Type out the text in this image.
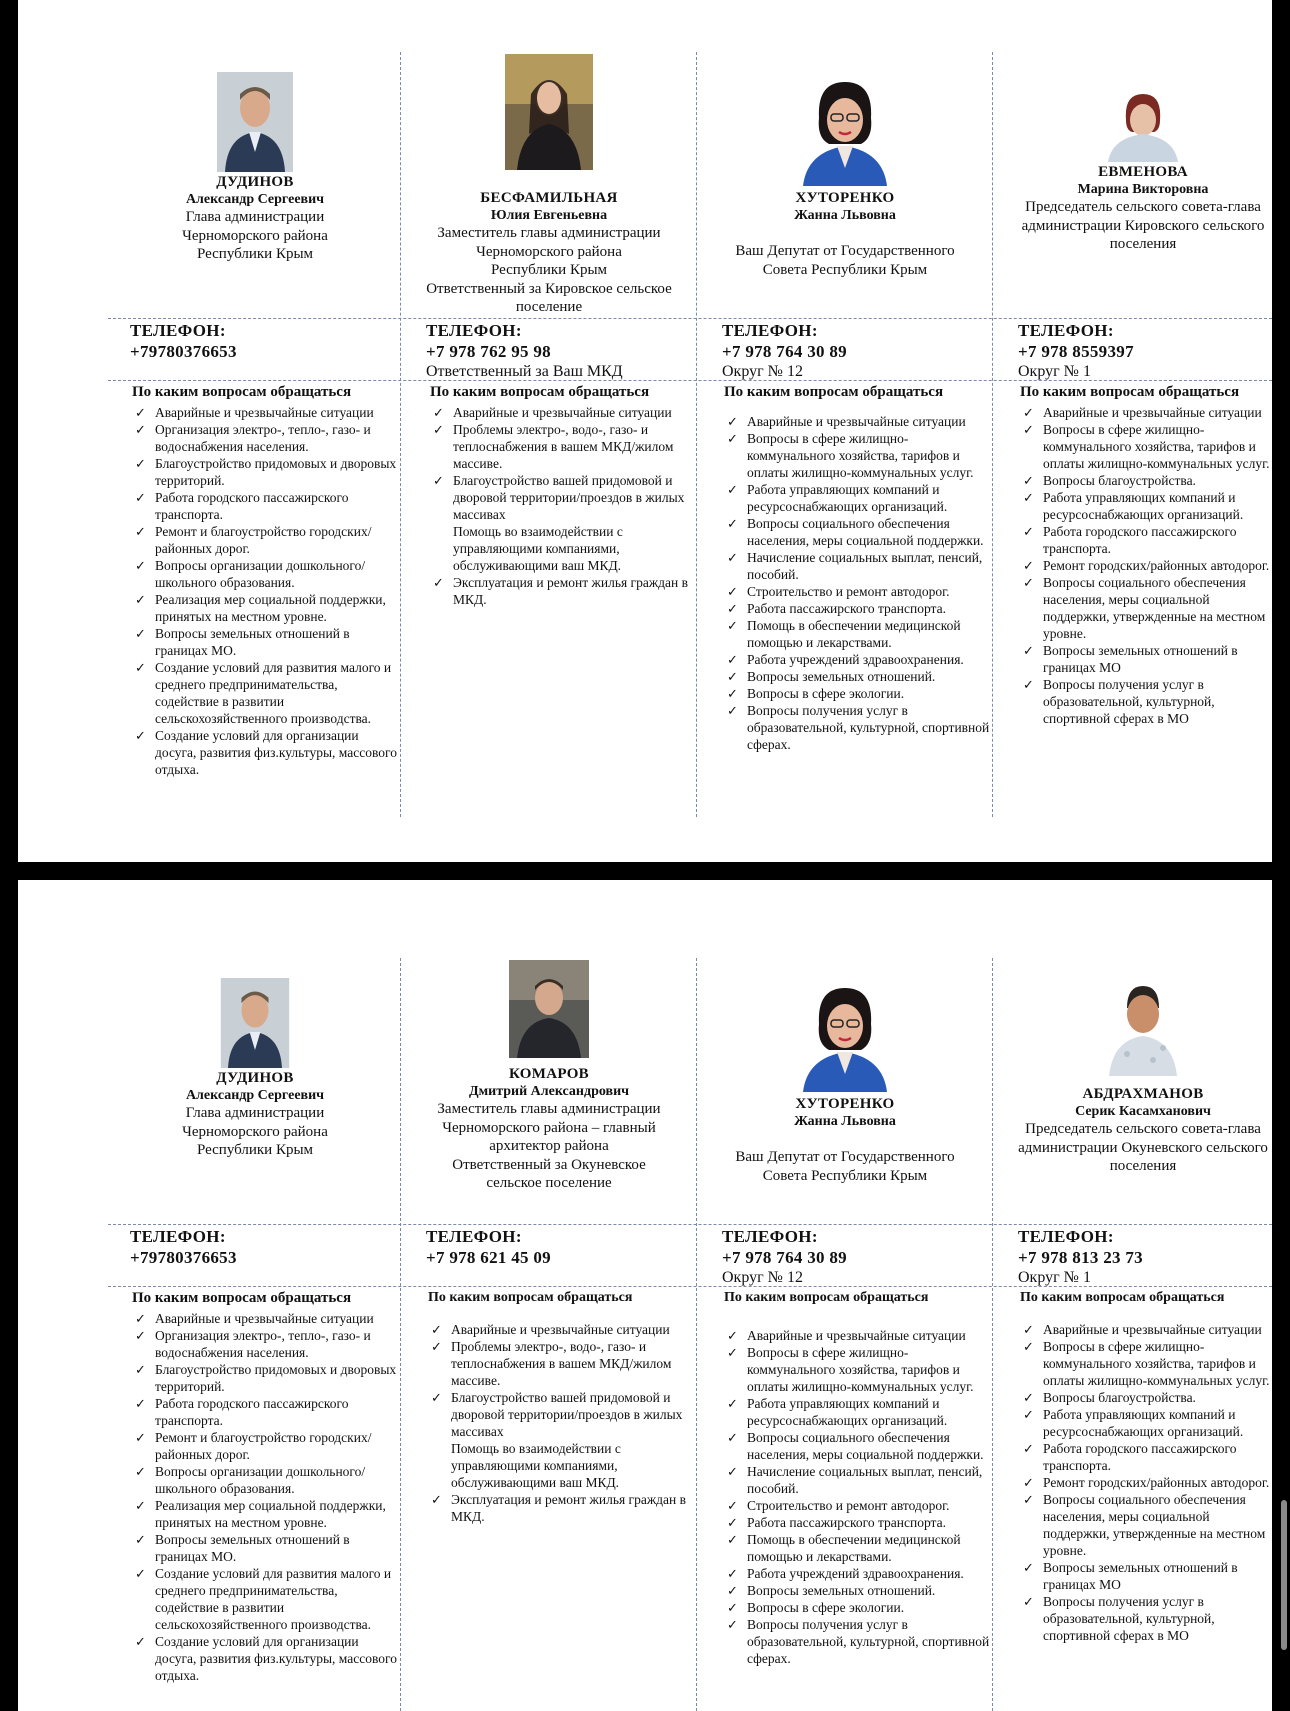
ДУДИНОВ
Александр Сергеевич
Глава администрации
Черноморского района
Республики Крым
ТЕЛЕФОН:
+79780376653
По каким вопросам обращаться
✓ Аварийные и чрезвычайные ситуации
✓ Организация электро-, тепло-, газо- и водоснабжения населения.
✓ Благоустройство придомовых и дворовых территорий.
✓ Работа городского пассажирского транспорта.
✓ Ремонт и благоустройство городских/районных дорог.
✓ Вопросы организации дошкольного/школьного образования.
✓ Реализация мер социальной поддержки, принятых на местном уровне.
✓ Вопросы земельных отношений в границах МО.
✓ Создание условий для развития малого и среднего предпринимательства, содействие в развитии сельскохозяйственного производства.
✓ Создание условий для организации досуга, развития физ.культуры, массового отдыха.
БЕСФАМИЛЬНАЯ
Юлия Евгеньевна
Заместитель главы администрации
Черноморского района
Республики Крым
Ответственный за Кировское сельское поселение
ТЕЛЕФОН:
+7 978 762 95 98
Ответственный за Ваш МКД
По каким вопросам обращаться
✓ Аварийные и чрезвычайные ситуации
✓ Проблемы электро-, водо-, газо- и теплоснабжения в вашем МКД/жилом массиве.
✓ Благоустройство вашей придомовой и дворовой территории/проездов в жилых массивах
Помощь во взаимодействии с управляющими компаниями, обслуживающими ваш МКД.
✓ Эксплуатация и ремонт жилья граждан в МКД.
ХУТОРЕНКО
Жанна Львовна
Ваш Депутат от Государственного
Совета Республики Крым
ТЕЛЕФОН:
+7 978 764 30 89
Округ № 12
По каким вопросам обращаться
✓ Аварийные и чрезвычайные ситуации
✓ Вопросы в сфере жилищно-коммунального хозяйства, тарифов и оплаты жилищно-коммунальных услуг.
✓ Работа управляющих компаний и ресурсоснабжающих организаций.
✓ Вопросы социального обеспечения населения, меры социальной поддержки.
✓ Начисление социальных выплат, пенсий, пособий.
✓ Строительство и ремонт автодорог.
✓ Работа пассажирского транспорта.
✓ Помощь в обеспечении медицинской помощью и лекарствами.
✓ Работа учреждений здравоохранения.
✓ Вопросы земельных отношений.
✓ Вопросы в сфере экологии.
✓ Вопросы получения услуг в образовательной, культурной, спортивной сферах.
ЕВМЕНОВА
Марина Викторовна
Председатель сельского совета-глава
администрации Кировского сельского
поселения
ТЕЛЕФОН:
+7 978 8559397
Округ № 1
По каким вопросам обращаться
✓ Аварийные и чрезвычайные ситуации
✓ Вопросы в сфере жилищно-коммунального хозяйства, тарифов и оплаты жилищно-коммунальных услуг.
✓ Вопросы благоустройства.
✓ Работа управляющих компаний и ресурсоснабжающих организаций.
✓ Работа городского пассажирского транспорта.
✓ Ремонт городских/районных автодорог.
✓ Вопросы социального обеспечения населения, меры социальной поддержки, утвержденные на местном уровне.
✓ Вопросы земельных отношений в границах МО
✓ Вопросы получения услуг в образовательной, культурной, спортивной сферах в МО
ДУДИНОВ
Александр Сергеевич
Глава администрации
Черноморского района
Республики Крым
ТЕЛЕФОН:
+79780376653
По каким вопросам обращаться
✓ Аварийные и чрезвычайные ситуации
✓ Организация электро-, тепло-, газо- и водоснабжения населения.
✓ Благоустройство придомовых и дворовых территорий.
✓ Работа городского пассажирского транспорта.
✓ Ремонт и благоустройство городских/районных дорог.
✓ Вопросы организации дошкольного/школьного образования.
✓ Реализация мер социальной поддержки, принятых на местном уровне.
✓ Вопросы земельных отношений в границах МО.
✓ Создание условий для развития малого и среднего предпринимательства, содействие в развитии сельскохозяйственного производства.
✓ Создание условий для организации досуга, развития физ.культуры, массового отдыха.
КОМАРОВ
Дмитрий Александрович
Заместитель главы администрации
Черноморского района – главный
архитектор района
Ответственный за Окуневское
сельское поселение
ТЕЛЕФОН:
+7 978 621 45 09
По каким вопросам обращаться
✓ Аварийные и чрезвычайные ситуации
✓ Проблемы электро-, водо-, газо- и теплоснабжения в вашем МКД/жилом массиве.
✓ Благоустройство вашей придомовой и дворовой территории/проездов в жилых массивах
Помощь во взаимодействии с управляющими компаниями, обслуживающими ваш МКД.
✓ Эксплуатация и ремонт жилья граждан в МКД.
ХУТОРЕНКО
Жанна Львовна
Ваш Депутат от Государственного
Совета Республики Крым
ТЕЛЕФОН:
+7 978 764 30 89
Округ № 12
По каким вопросам обращаться
✓ Аварийные и чрезвычайные ситуации
✓ Вопросы в сфере жилищно-коммунального хозяйства, тарифов и оплаты жилищно-коммунальных услуг.
✓ Работа управляющих компаний и ресурсоснабжающих организаций.
✓ Вопросы социального обеспечения населения, меры социальной поддержки.
✓ Начисление социальных выплат, пенсий, пособий.
✓ Строительство и ремонт автодорог.
✓ Работа пассажирского транспорта.
✓ Помощь в обеспечении медицинской помощью и лекарствами.
✓ Работа учреждений здравоохранения.
✓ Вопросы земельных отношений.
✓ Вопросы в сфере экологии.
✓ Вопросы получения услуг в образовательной, культурной, спортивной сферах.
АБДРАХМАНОВ
Серик Касамханович
Председатель сельского совета-глава
администрации Окуневского сельского
поселения
ТЕЛЕФОН:
+7 978 813 23 73
Округ № 1
По каким вопросам обращаться
✓ Аварийные и чрезвычайные ситуации
✓ Вопросы в сфере жилищно-коммунального хозяйства, тарифов и оплаты жилищно-коммунальных услуг.
✓ Вопросы благоустройства.
✓ Работа управляющих компаний и ресурсоснабжающих организаций.
✓ Работа городского пассажирского транспорта.
✓ Ремонт городских/районных автодорог.
✓ Вопросы социального обеспечения населения, меры социальной поддержки, утвержденные на местном уровне.
✓ Вопросы земельных отношений в границах МО
✓ Вопросы получения услуг в образовательной, культурной, спортивной сферах в МО
